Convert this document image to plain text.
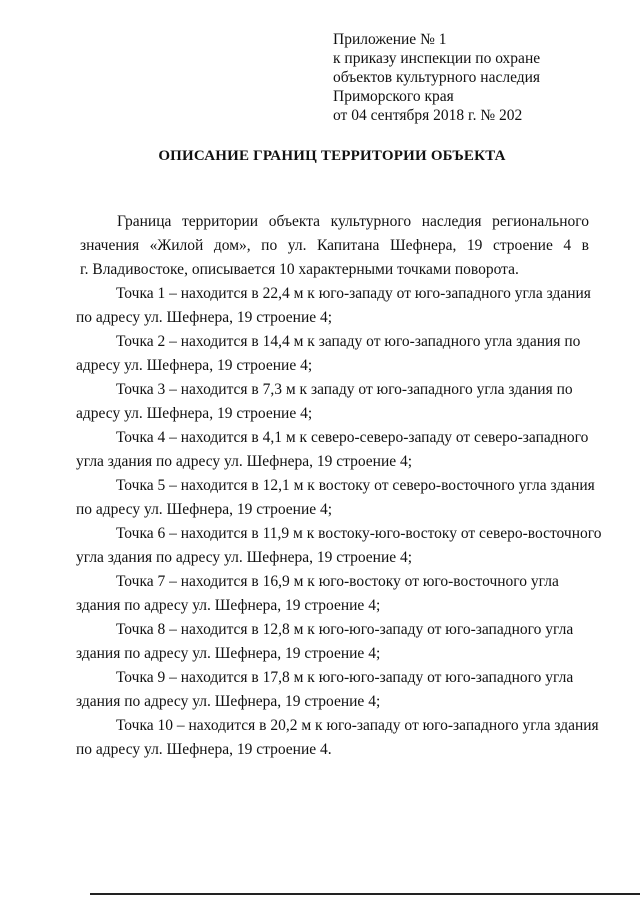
Приложение № 1
к приказу инспекции по охране
объектов культурного наследия
Приморского края
от 04 сентября 2018 г. № 202
ОПИСАНИЕ ГРАНИЦ ТЕРРИТОРИИ ОБЪЕКТА
Граница территории объекта культурного наследия регионального
значения «Жилой дом», по ул. Капитана Шефнера, 19 строение 4 в
г. Владивостоке, описывается 10 характерными точками поворота.

Точка 1 – находится в 22,4 м к юго-западу от юго-западного угла здания
по адресу ул. Шефнера, 19 строение 4;

Точка 2 – находится в 14,4 м к западу от юго-западного угла здания по
адресу ул. Шефнера, 19 строение 4;

Точка 3 – находится в 7,3 м к западу от юго-западного угла здания по
адресу ул. Шефнера, 19 строение 4;

Точка 4 – находится в 4,1 м к северо-северо-западу от северо-западного
угла здания по адресу ул. Шефнера, 19 строение 4;

Точка 5 – находится в 12,1 м к востоку от северо-восточного угла здания
по адресу ул. Шефнера, 19 строение 4;

Точка 6 – находится в 11,9 м к востоку-юго-востоку от северо-восточного
угла здания по адресу ул. Шефнера, 19 строение 4;

Точка 7 – находится в 16,9 м к юго-востоку от юго-восточного угла
здания по адресу ул. Шефнера, 19 строение 4;

Точка 8 – находится в 12,8 м к юго-юго-западу от юго-западного угла
здания по адресу ул. Шефнера, 19 строение 4;

Точка 9 – находится в 17,8 м к юго-юго-западу от юго-западного угла
здания по адресу ул. Шефнера, 19 строение 4;

Точка 10 – находится в 20,2 м к юго-западу от юго-западного угла здания
по адресу ул. Шефнера, 19 строение 4.
